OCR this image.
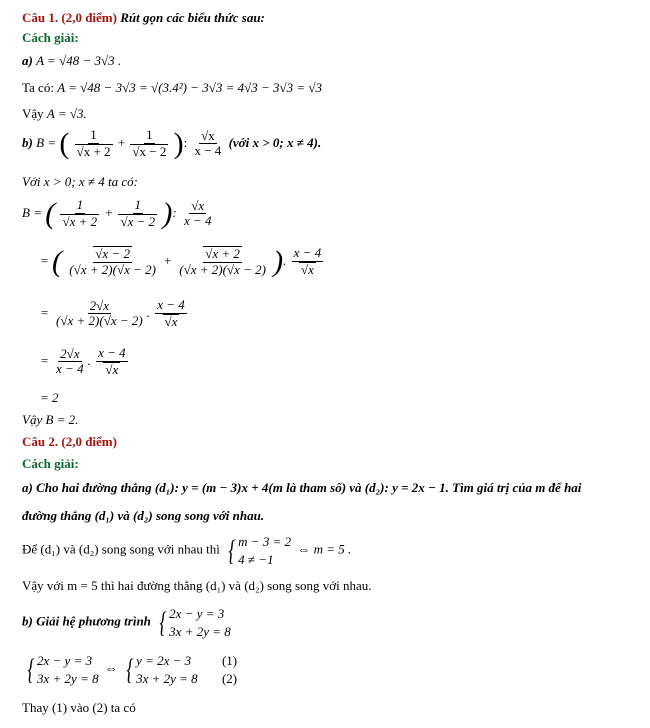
Câu 1. (2,0 điểm) Rút gọn các biểu thức sau:
Cách giải:
a) A = √48 − 3√3 .
Ta có: A = √48 − 3√3 = √(3.4²) − 3√3 = 4√3 − 3√3 = √3
Vậy A = √3.
b) B = ( $\frac{1}{√x + 2} + \frac{1}{√x - 2}$ ): $\frac{√x}{x - 4}$ (với x > 0; x ≠ 4).
Với x > 0; x ≠ 4 ta có:
B = ( $\frac{1}{√x + 2} + \frac{1}{√x - 2}$ ): $\frac{√x}{x - 4}$
= ( $\frac{√x - 2}{(√x + 2)(√x - 2)} + \frac{√x + 2}{(√x + 2)(√x - 2)}$ ). $\frac{x - 4}{√x}$
= $\frac{2√x}{(√x + 2)(√x - 2)}$ . $\frac{x - 4}{√x}$
= $\frac{2√x}{x - 4}$ . $\frac{x - 4}{√x}$
= 2
Vậy B = 2.
Câu 2. (2,0 điểm)
Cách giải:
a) Cho hai đường thẳng (d₁): y = (m − 3)x + 4(m là tham số) và (d₂): y = 2x − 1. Tìm giá trị của m để hai
đường thẳng (d₁) và (d₂) song song với nhau.
Để (d₁) và (d₂) song song với nhau thì { m − 3 = 2
4 ≠ −1
⇔ m = 5 .
Vậy với m = 5 thì hai đường thẳng (d₁) và (d₂) song song với nhau.
b) Giải hệ phương trình { 2x − y = 3
3x + 2y = 8
{ 2x − y = 3
3x + 2y = 8
⇔ { y = 2x − 3
3x + 2y = 8

(1)
(2)
Thay (1) vào (2) ta có
